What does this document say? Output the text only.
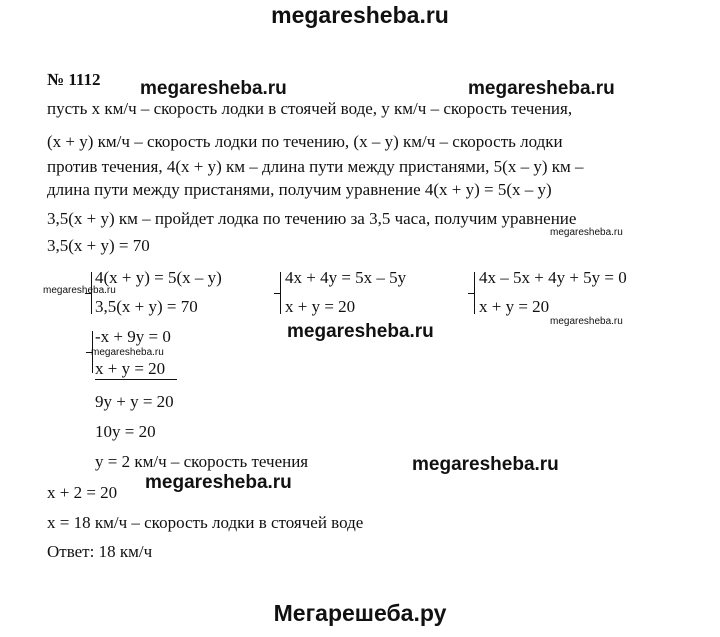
megaresheba.ru
Мегарешеба.ру
№ 1112 megaresheba.ru	megaresheba.ru
пусть х км/ч – скорость лодки в стоячей воде, у км/ч – скорость течения,
(х + у) км/ч – скорость лодки по течению, (х – у) км/ч – скорость лодки
против течения, 4(х + у) км – длина пути между пристанями, 5(х – у) км –
длина пути между пристанями, получим уравнение 4(х + у) = 5(х – у)
3,5(х + у) км – пройдет лодка по течению за 3,5 часа, получим уравнение
megaresheba.ru
3,5(х + у) = 70
4(х + у) = 5(х – у)
3,5(х + у) = 70
megaresheba.ru
4х + 4у = 5х – 5у
х + у = 20
4х – 5х + 4у + 5у = 0
х + у = 20
megaresheba.ru
megaresheba.ru
-х + 9у = 0
megaresheba.ru
х + у = 20
9у + у = 20
10у = 20
у = 2 км/ч – скорость течения	megaresheba.ru
megaresheba.ru
х + 2 = 20
х = 18 км/ч – скорость лодки в стоячей воде
Ответ: 18 км/ч
